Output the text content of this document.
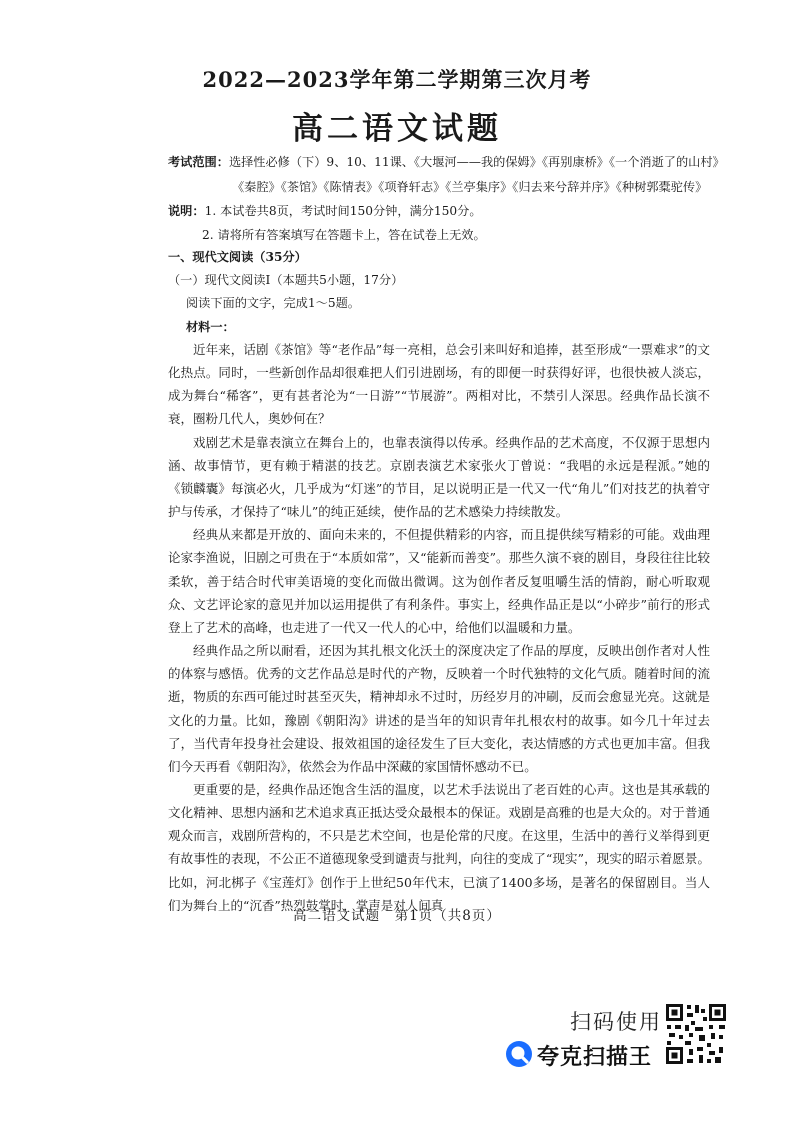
2022—2023学年第二学期第三次月考
高二语文试题
考试范围：选择性必修（下）9、10、11课、《大堰河——我的保姆》《再别康桥》《一个消逝了的山村》
《秦腔》《茶馆》《陈情表》《项脊轩志》《兰亭集序》《归去来兮辞并序》《种树郭橐驼传》
说明：1. 本试卷共8页，考试时间150分钟，满分150分。
2. 请将所有答案填写在答题卡上，答在试卷上无效。
一、现代文阅读（35分）
（一）现代文阅读Ⅰ（本题共5小题，17分）
阅读下面的文字，完成1～5题。
材料一：

近年来，话剧《茶馆》等“老作品”每一亮相，总会引来叫好和追捧，甚至形成“一票难求”的文化热点。同时，一些新创作品却很难把人们引进剧场，有的即便一时获得好评，也很快被人淡忘，成为舞台“稀客”，更有甚者沦为“一日游”“节展游”。两相对比，不禁引人深思。经典作品长演不衰，圈粉几代人，奥妙何在？

戏剧艺术是靠表演立在舞台上的，也靠表演得以传承。经典作品的艺术高度，不仅源于思想内涵、故事情节，更有赖于精湛的技艺。京剧表演艺术家张火丁曾说：“我唱的永远是程派。”她的《锁麟囊》每演必火，几乎成为“灯迷”的节目，足以说明正是一代又一代“角儿”们对技艺的执着守护与传承，才保持了“味儿”的纯正延续，使作品的艺术感染力持续散发。

经典从来都是开放的、面向未来的，不但提供精彩的内容，而且提供续写精彩的可能。戏曲理论家李渔说，旧剧之可贵在于“本质如常”，又“能新而善变”。那些久演不衰的剧目，身段往往比较柔软，善于结合时代审美语境的变化而做出微调。这为创作者反复咀嚼生活的情韵，耐心听取观众、文艺评论家的意见并加以运用提供了有利条件。事实上，经典作品正是以“小碎步”前行的形式登上了艺术的高峰，也走进了一代又一代人的心中，给他们以温暖和力量。

经典作品之所以耐看，还因为其扎根文化沃土的深度决定了作品的厚度，反映出创作者对人性的体察与感悟。优秀的文艺作品总是时代的产物，反映着一个时代独特的文化气质。随着时间的流逝，物质的东西可能过时甚至灭失，精神却永不过时，历经岁月的冲刷，反而会愈显光亮。这就是文化的力量。比如，豫剧《朝阳沟》讲述的是当年的知识青年扎根农村的故事。如今几十年过去了，当代青年投身社会建设、报效祖国的途径发生了巨大变化，表达情感的方式也更加丰富。但我们今天再看《朝阳沟》，依然会为作品中深藏的家国情怀感动不已。

更重要的是，经典作品还饱含生活的温度，以艺术手法说出了老百姓的心声。这也是其承载的文化精神、思想内涵和艺术追求真正抵达受众最根本的保证。戏剧是高雅的也是大众的。对于普通观众而言，戏剧所营构的，不只是艺术空间，也是伦常的尺度。在这里，生活中的善行义举得到更有故事性的表现，不公正不道德现象受到谴责与批判，向往的变成了“现实”，现实的昭示着愿景。比如，河北梆子《宝莲灯》创作于上世纪50年代末，已演了1400多场，是著名的保留剧目。当人们为舞台上的“沉香”热烈鼓掌时，掌声是对人间真

高二语文试题　第1页（共8页）
扫码使用
夸克扫描王
